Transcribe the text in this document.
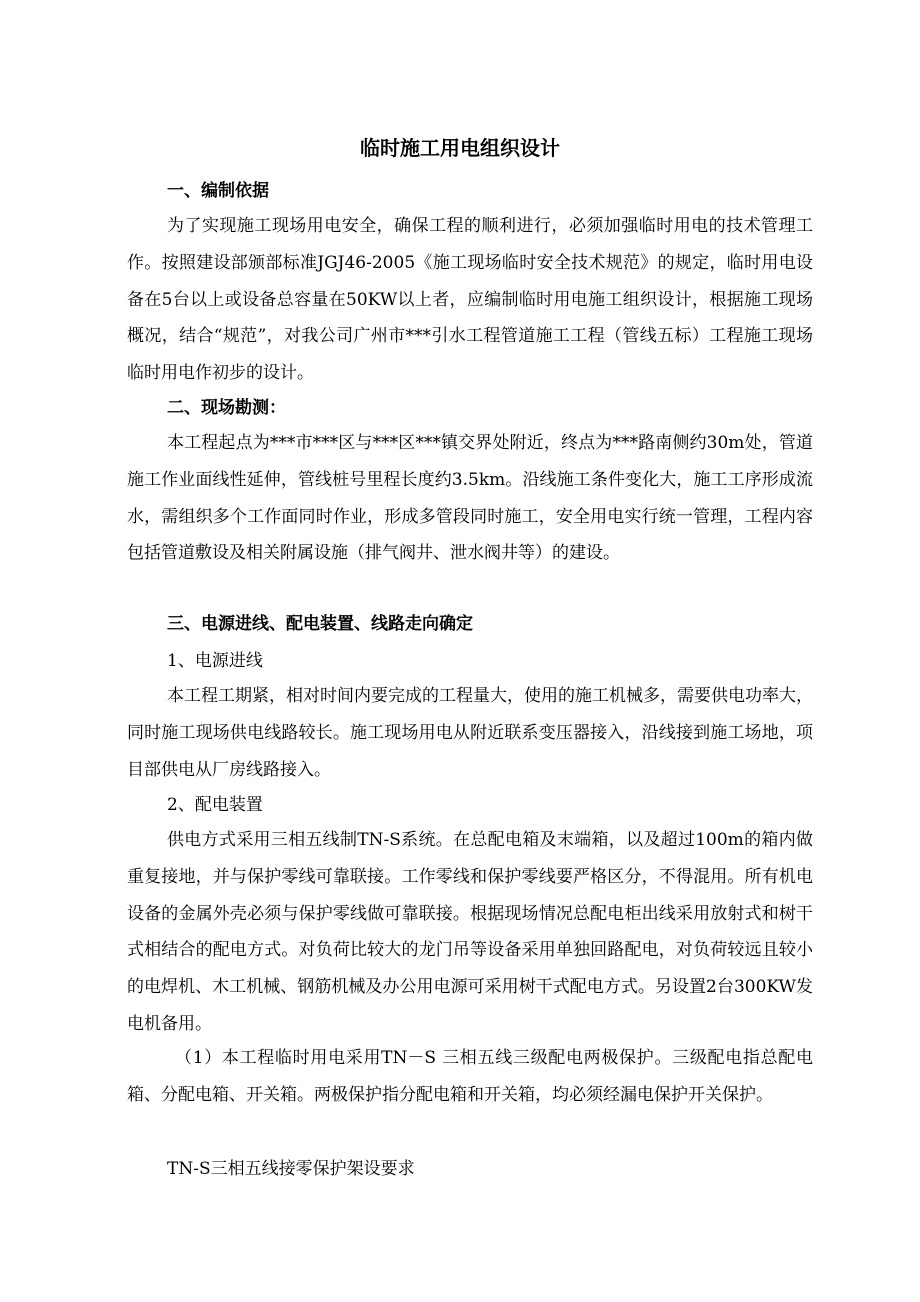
临时施工用电组织设计
一、编制依据
为了实现施工现场用电安全，确保工程的顺利进行，必须加强临时用电的技术管理工作。按照建设部颁部标准JGJ46-2005《施工现场临时安全技术规范》的规定，临时用电设备在5台以上或设备总容量在50KW以上者，应编制临时用电施工组织设计，根据施工现场概况，结合“规范”，对我公司广州市***引水工程管道施工工程（管线五标）工程施工现场临时用电作初步的设计。
二、现场勘测：
本工程起点为***市***区与***区***镇交界处附近，终点为***路南侧约30m处，管道施工作业面线性延伸，管线桩号里程长度约3.5km。沿线施工条件变化大，施工工序形成流水，需组织多个工作面同时作业，形成多管段同时施工，安全用电实行统一管理，工程内容包括管道敷设及相关附属设施（排气阀井、泄水阀井等）的建设。
三、电源进线、配电装置、线路走向确定
1、电源进线
本工程工期紧，相对时间内要完成的工程量大，使用的施工机械多，需要供电功率大，同时施工现场供电线路较长。施工现场用电从附近联系变压器接入，沿线接到施工场地，项目部供电从厂房线路接入。
2、配电装置
供电方式采用三相五线制TN-S系统。在总配电箱及末端箱，以及超过100m的箱内做重复接地，并与保护零线可靠联接。工作零线和保护零线要严格区分，不得混用。所有机电设备的金属外壳必须与保护零线做可靠联接。根据现场情况总配电柜出线采用放射式和树干式相结合的配电方式。对负荷比较大的龙门吊等设备采用单独回路配电，对负荷较远且较小的电焊机、木工机械、钢筋机械及办公用电源可采用树干式配电方式。另设置2台300KW发电机备用。
（1）本工程临时用电采用TN－S 三相五线三级配电两极保护。三级配电指总配电箱、分配电箱、开关箱。两极保护指分配电箱和开关箱，均必须经漏电保护开关保护。
TN-S三相五线接零保护架设要求
